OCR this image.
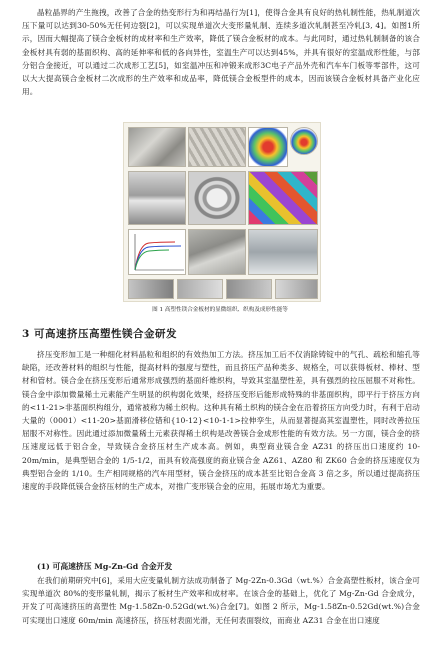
晶粒晶界的产生拖拽，改善了合金的热变形行为和再结晶行为[1]，使得合金具有良好的热轧制性能，热轧制道次压下量可以达到30-50%无任何边裂[2]，可以实现单道次大变形量轧制、连续多道次轧制甚至冷轧[3, 4]。如图1所示，因而大幅提高了镁合金板材的成材率和生产效率，降低了镁合金板材的成本。与此同时，通过热轧制制备的该合金板材具有弱的基面织构、高的延伸率和低的各向异性，室温生产可以达到45%，并具有很好的室温成形性能，与部分铝合金接近，可以通过二次成形工艺[5]，如室温冲压和冲锻来成形3C电子产品外壳和汽车车门板等零部件，这可以大大提高镁合金板材二次成形的生产效率和成品率，降低镁合金板型件的成本，因而该镁合金板材具备产业化应用。

图 1 高塑性镁合金板材的显微组织、织构及成形性能等

3 可高速挤压高塑性镁合金研发

挤压变形加工是一种细化材料晶粒和组织的有效热加工方法。挤压加工后不仅消除铸锭中的气孔、疏松和缩孔等缺陷，还改善材料的组织与性能，提高材料的强度与塑性，而且挤压产品种类多、规格全，可以获得板材、棒材、型材和管材。镁合金在挤压变形后通常形成强烈的基面纤维织构，导致其室温塑性差，具有强烈的拉压屈服不对称性。镁合金中添加微量稀土元素能产生明显的织构弱化效果，经挤压变形后能形成特殊的非基面织构，即平行于挤压方向的<11-21>非基面织构组分，通常被称为稀土织构。这种具有稀土织构的镁合金在沿着挤压方向受力时，有利于启动大量的（0001）<11-20>基面滑移位错和{10-12}<10-1-1>拉伸孪生，从而显著提高其室温塑性，同时改善拉压屈服不对称性。因此通过添加微量稀土元素获得稀土织构是改善镁合金成形性能的有效方法。另一方面，镁合金的挤压速度远低于铝合金，导致镁合金挤压材生产成本高。例如，典型商业镁合金 AZ31 的挤压出口速度约 10-20m/min，是典型铝合金的 1/5-1/2，而具有较高强度的商业镁合金 AZ61、AZ80 和 ZK60 合金的挤压速度仅为典型铝合金的 1/10。生产相同规格的汽车用型材，镁合金挤压的成本甚至比铝合金高 3 倍之多，所以通过提高挤压速度的手段降低镁合金挤压材的生产成本，对推广变形镁合金的应用，拓展市场尤为重要。

(1) 可高速挤压 Mg-Zn-Gd 合金开发

在我们前期研究中[6]，采用大应变量轧制方法成功制备了 Mg-2Zn-0.3Gd（wt.%）合金高塑性板材，该合金可实现单道次 80%的变形量轧制，揭示了板材生产效率和成材率。在该合金的基础上，优化了 Mg-Zn-Gd 合金成分，开发了可高速挤压的高塑性 Mg-1.58Zn-0.52Gd(wt.%)合金[7]。如图 2 所示，Mg-1.58Zn-0.52Gd(wt.%)合金可实现出口速度 60m/min 高速挤压，挤压材表面光滑，无任何表面裂纹，而商业 AZ31 合金在出口速度
